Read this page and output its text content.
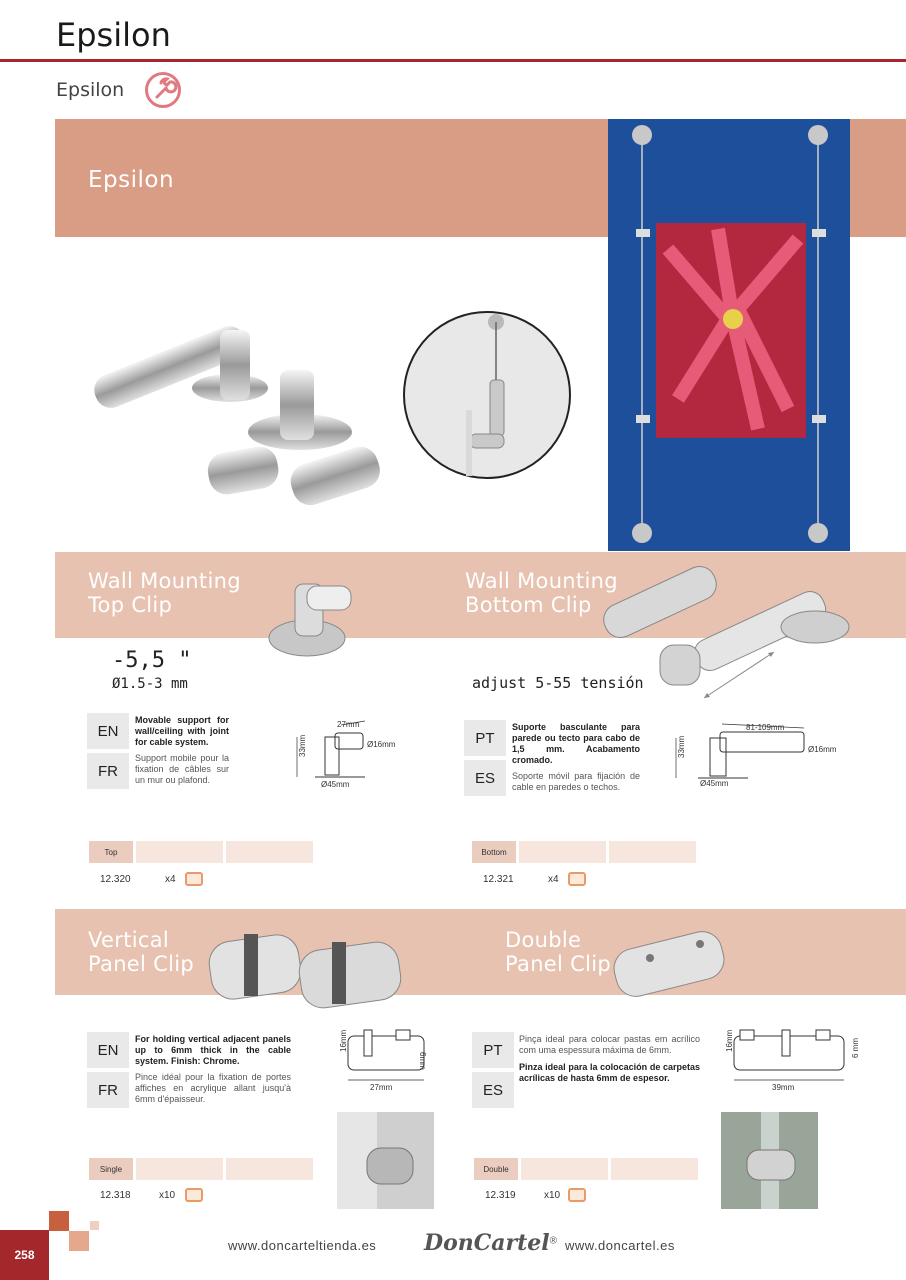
Epsilon
Epsilon
Epsilon
Wall Mounting
Top Clip
Wall Mounting
Bottom Clip
-5,5 "
Ø1.5-3 mm	adjust 5-55 tensión
EN
FR
Movable support for wall/ceiling with joint for cable system.
Support mobile pour la fixation de câbles sur un mur ou plafond.
33mm
27mm
Ø16mm
Ø45mm
PT
ES
Suporte basculante para parede ou tecto para cabo de 1,5 mm. Acabamento cromado.
Soporte móvil para fijación de cable en paredes o techos.
33mm
81-109mm
Ø16mm
Ø45mm
Top
12.320	x4
Bottom
12.321	x4
Vertical
Panel Clip
Double
Panel Clip
EN
FR
For holding vertical adjacent panels up to 6mm thick in the cable system. Finish: Chrome.
Pince idéal pour la fixation de portes affiches en acrylique allant jusqu'à 6mm d'épaisseur.
16mm
6mm
27mm
PT
ES
Pinça ideal para colocar pastas em acrílico com uma espessura máxima de 6mm.
Pinza ideal para la colocación de carpetas acrílicas de hasta 6mm de espesor.
16mm	6 mm
39mm
Single
12.318	x10
Double
12.319	x10
258
www.doncarteltienda.es DonCartel® www.doncartel.es
